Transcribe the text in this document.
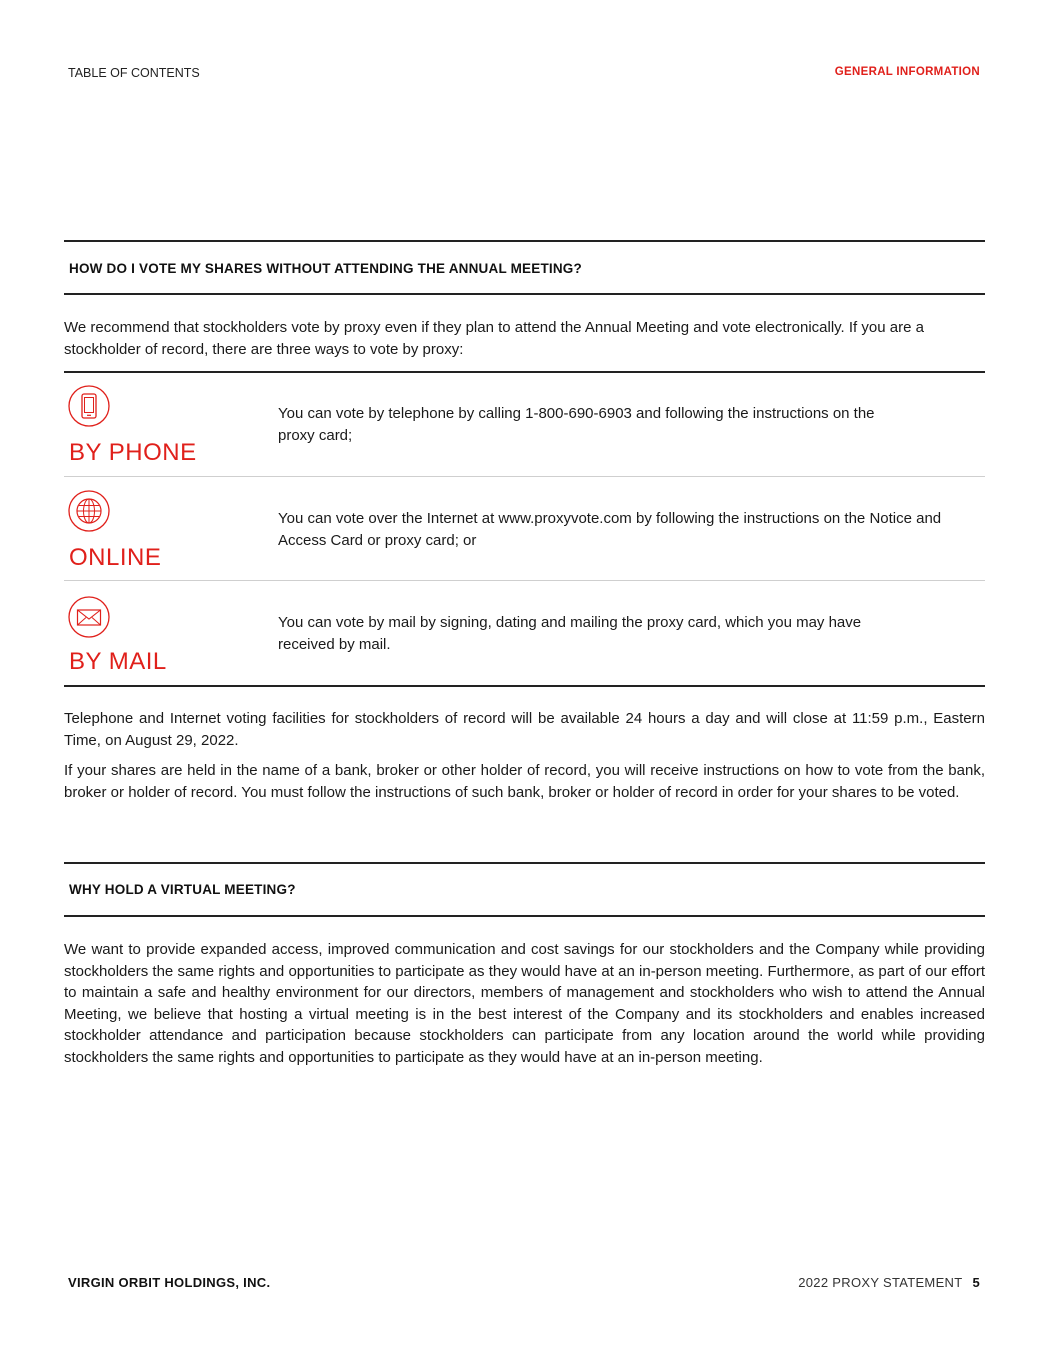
TABLE OF CONTENTS	GENERAL INFORMATION
HOW DO I VOTE MY SHARES WITHOUT ATTENDING THE ANNUAL MEETING?

We recommend that stockholders vote by proxy even if they plan to attend the Annual Meeting and vote electronically. If you are a stockholder of record, there are three ways to vote by proxy:

BY PHONE
You can vote by telephone by calling 1-800-690-6903 and following the instructions on the proxy card;
ONLINE
You can vote over the Internet at www.proxyvote.com by following the instructions on the Notice and Access Card or proxy card; or
BY MAIL
You can vote by mail by signing, dating and mailing the proxy card, which you may have received by mail.

Telephone and Internet voting facilities for stockholders of record will be available 24 hours a day and will close at 11:59 p.m., Eastern Time, on August 29, 2022.

If your shares are held in the name of a bank, broker or other holder of record, you will receive instructions on how to vote from the bank, broker or holder of record. You must follow the instructions of such bank, broker or holder of record in order for your shares to be voted.

WHY HOLD A VIRTUAL MEETING?

We want to provide expanded access, improved communication and cost savings for our stockholders and the Company while providing stockholders the same rights and opportunities to participate as they would have at an in-person meeting. Furthermore, as part of our effort to maintain a safe and healthy environment for our directors, members of management and stockholders who wish to attend the Annual Meeting, we believe that hosting a virtual meeting is in the best interest of the Company and its stockholders and enables increased stockholder attendance and participation because stockholders can participate from any location around the world while providing stockholders the same rights and opportunities to participate as they would have at an in-person meeting.

VIRGIN ORBIT HOLDINGS, INC.	2022 PROXY STATEMENT 5
